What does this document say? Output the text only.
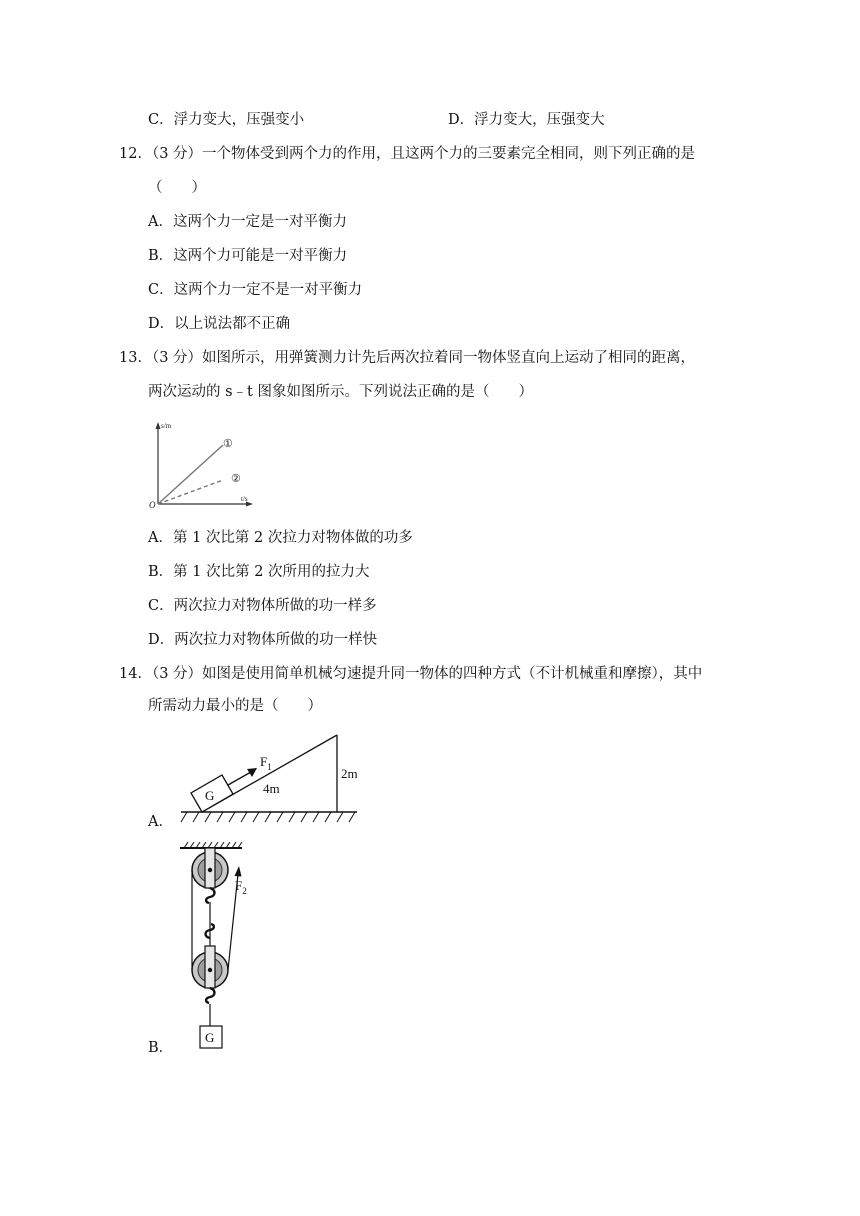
C．浮力变大，压强变小	D．浮力变大，压强变大
12．（3 分）一个物体受到两个力的作用，且这两个力的三要素完全相同，则下列正确的是
（　　）
A．这两个力一定是一对平衡力
B．这两个力可能是一对平衡力
C．这两个力一定不是一对平衡力
D．以上说法都不正确
13．（3 分）如图所示，用弹簧测力计先后两次拉着同一物体竖直向上运动了相同的距离，
两次运动的 s﹣t 图象如图所示。下列说法正确的是（　　）
s/m
t/s
O
①
②
A．第 1 次比第 2 次拉力对物体做的功多
B．第 1 次比第 2 次所用的拉力大
C．两次拉力对物体所做的功一样多
D．两次拉力对物体所做的功一样快
14．（3 分）如图是使用简单机械匀速提升同一物体的四种方式（不计机械重和摩擦），其中
所需动力最小的是（　　）
G
$F_1$
4m
2m
A．
$F_2$
G
B．
